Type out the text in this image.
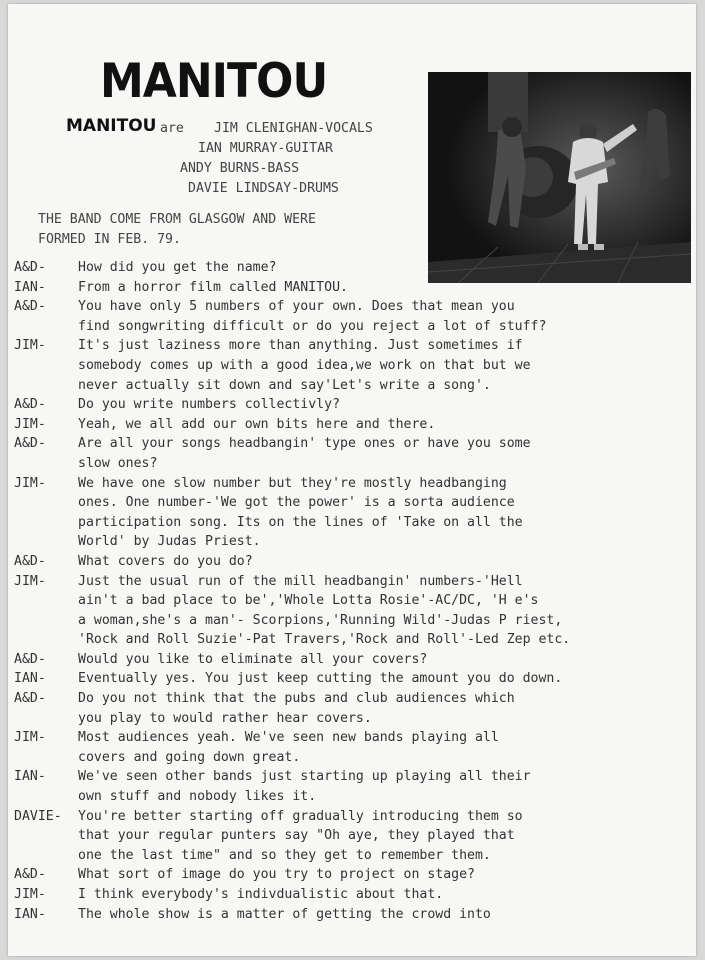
MANITOU
MANITOU are JIM CLENIGHAN-VOCALS
IAN MURRAY-GUITAR
ANDY BURNS-BASS
DAVIE LINDSAY-DRUMS
THE BAND COME FROM GLASGOW AND WERE
FORMED IN FEB. 79.
A&D-	How did you get the name?
IAN-	From a horror film called MANITOU.
A&D-	You have only 5 numbers of your own. Does that mean you
find songwriting difficult or do you reject a lot of stuff?
JIM-	It's just laziness more than anything. Just sometimes if
somebody comes up with a good idea,we work on that but we
never actually sit down and say'Let's write a song'.
A&D-	Do you write numbers collectivly?
JIM-	Yeah, we all add our own bits here and there.
A&D-	Are all your songs headbangin' type ones or have you some
slow ones?
JIM-	We have one slow number but they're mostly headbanging
ones. One number-'We got the power' is a sorta audience
participation song. Its on the lines of 'Take on all the
World' by Judas Priest.
A&D-	What covers do you do?
JIM-	Just the usual run of the mill headbangin' numbers-'Hell
ain't a bad place to be','Whole Lotta Rosie'-AC/DC, 'H e's
a woman,she's a man'- Scorpions,'Running Wild'-Judas P riest,
'Rock and Roll Suzie'-Pat Travers,'Rock and Roll'-Led Zep etc.
A&D-	Would you like to eliminate all your covers?
IAN-	Eventually yes. You just keep cutting the amount you do down.
A&D-	Do you not think that the pubs and club audiences which
you play to would rather hear covers.
JIM-	Most audiences yeah. We've seen new bands playing all
covers and going down great.
IAN-	We've seen other bands just starting up playing all their
own stuff and nobody likes it.
DAVIE-	You're better starting off gradually introducing them so
that your regular punters say "Oh aye, they played that
one the last time" and so they get to remember them.
A&D-	What sort of image do you try to project on stage?
JIM-	I think everybody's indivdualistic about that.
IAN-	The whole show is a matter of getting the crowd into
